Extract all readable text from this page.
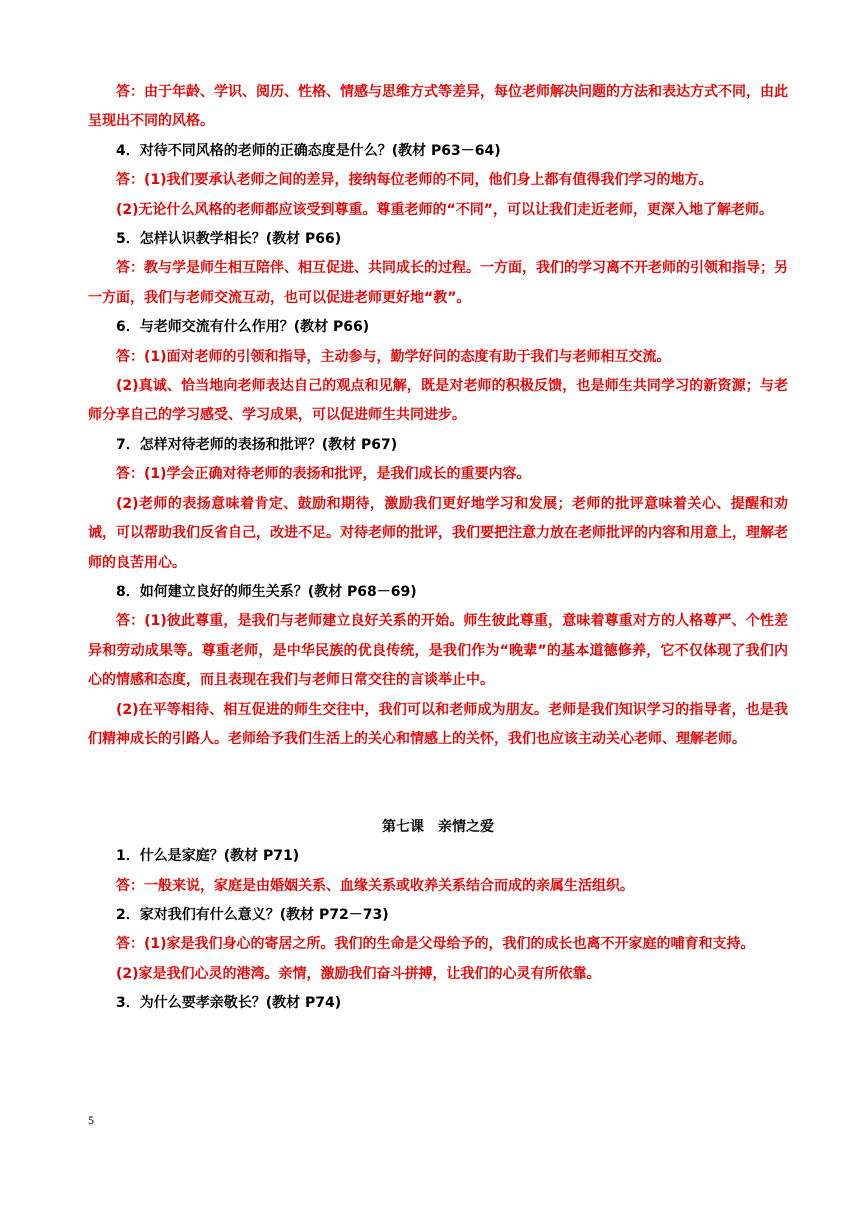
答：由于年龄、学识、阅历、性格、情感与思维方式等差异，每位老师解决问题的方法和表达方式不同，由此呈现出不同的风格。

4．对待不同风格的老师的正确态度是什么？(教材 P63－64)

答：(1)我们要承认老师之间的差异，接纳每位老师的不同，他们身上都有值得我们学习的地方。

(2)无论什么风格的老师都应该受到尊重。尊重老师的“不同”，可以让我们走近老师，更深入地了解老师。

5．怎样认识教学相长？(教材 P66)

答：教与学是师生相互陪伴、相互促进、共同成长的过程。一方面，我们的学习离不开老师的引领和指导；另一方面，我们与老师交流互动，也可以促进老师更好地“教”。

6．与老师交流有什么作用？(教材 P66)

答：(1)面对老师的引领和指导，主动参与，勤学好问的态度有助于我们与老师相互交流。

(2)真诚、恰当地向老师表达自己的观点和见解，既是对老师的积极反馈，也是师生共同学习的新资源；与老师分享自己的学习感受、学习成果，可以促进师生共同进步。

7．怎样对待老师的表扬和批评？(教材 P67)

答：(1)学会正确对待老师的表扬和批评，是我们成长的重要内容。

(2)老师的表扬意味着肯定、鼓励和期待，激励我们更好地学习和发展；老师的批评意味着关心、提醒和劝诫，可以帮助我们反省自己，改进不足。对待老师的批评，我们要把注意力放在老师批评的内容和用意上，理解老师的良苦用心。

8．如何建立良好的师生关系？(教材 P68－69)

答：(1)彼此尊重，是我们与老师建立良好关系的开始。师生彼此尊重，意味着尊重对方的人格尊严、个性差异和劳动成果等。尊重老师，是中华民族的优良传统，是我们作为“晚辈”的基本道德修养，它不仅体现了我们内心的情感和态度，而且表现在我们与老师日常交往的言谈举止中。

(2)在平等相待、相互促进的师生交往中，我们可以和老师成为朋友。老师是我们知识学习的指导者，也是我们精神成长的引路人。老师给予我们生活上的关心和情感上的关怀，我们也应该主动关心老师、理解老师。

第七课　亲情之爱

1．什么是家庭？(教材 P71)

答：一般来说，家庭是由婚姻关系、血缘关系或收养关系结合而成的亲属生活组织。

2．家对我们有什么意义？(教材 P72－73)

答：(1)家是我们身心的寄居之所。我们的生命是父母给予的，我们的成长也离不开家庭的哺育和支持。

(2)家是我们心灵的港湾。亲情，激励我们奋斗拼搏，让我们的心灵有所依靠。

3．为什么要孝亲敬长？(教材 P74)

5
